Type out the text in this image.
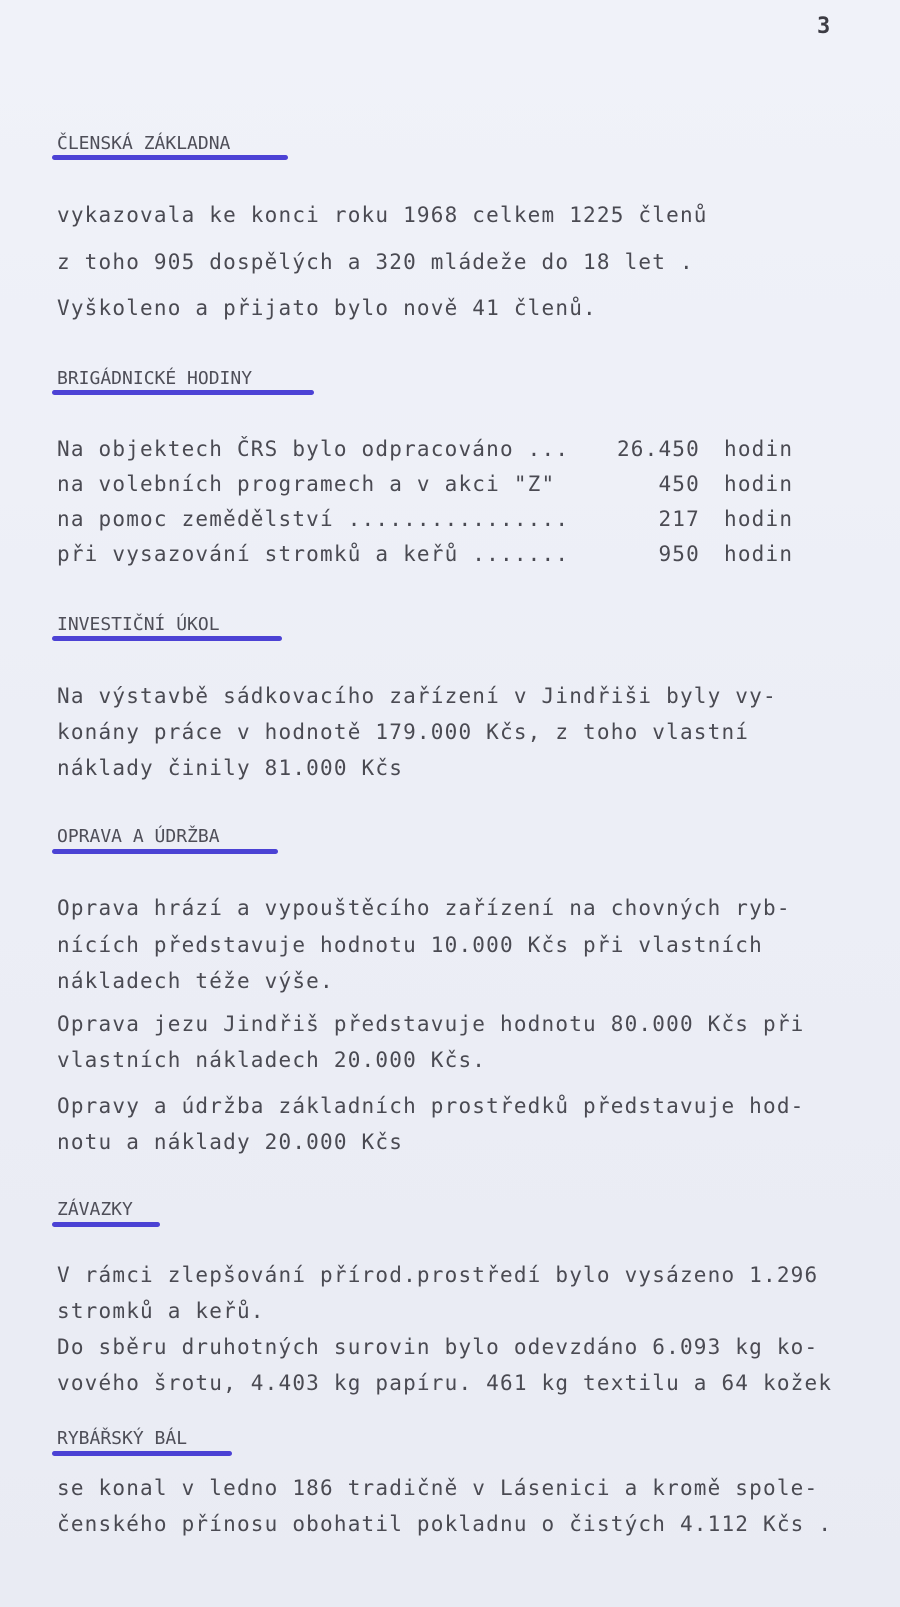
3
ČLENSKÁ ZÁKLADNA
vykazovala ke konci roku 1968 celkem 1225 členů
z toho 905 dospělých a 320 mládeže do 18 let .
Vyškoleno a přijato bylo nově 41 členů.
BRIGÁDNICKÉ HODINY
Na objektech ČRS bylo odpracováno ...	26.450 hodin
na volebních programech a v akci "Z"	450 hodin
na pomoc zemědělství ................	217 hodin
při vysazování stromků a keřů .......	950 hodin
INVESTIČNÍ ÚKOL
Na výstavbě sádkovacího zařízení v Jindřiši byly vy-
konány práce v hodnotě 179.000 Kčs, z toho vlastní
náklady činily 81.000 Kčs
OPRAVA A ÚDRŽBA
Oprava hrází a vypouštěcího zařízení na chovných ryb-
nících představuje hodnotu 10.000 Kčs při vlastních
nákladech téže výše.
Oprava jezu Jindřiš představuje hodnotu 80.000 Kčs při
vlastních nákladech 20.000 Kčs.
Opravy a údržba základních prostředků představuje hod-
notu a náklady 20.000 Kčs
ZÁVAZKY
V rámci zlepšování přírod.prostředí bylo vysázeno 1.296
stromků a keřů.
Do sběru druhotných surovin bylo odevzdáno 6.093 kg ko-
vového šrotu, 4.403 kg papíru. 461 kg textilu a 64 kožek
RYBÁŘSKÝ BÁL
se konal v ledno 186 tradičně v Lásenici a kromě spole-
čenského přínosu obohatil pokladnu o čistých 4.112 Kčs .
